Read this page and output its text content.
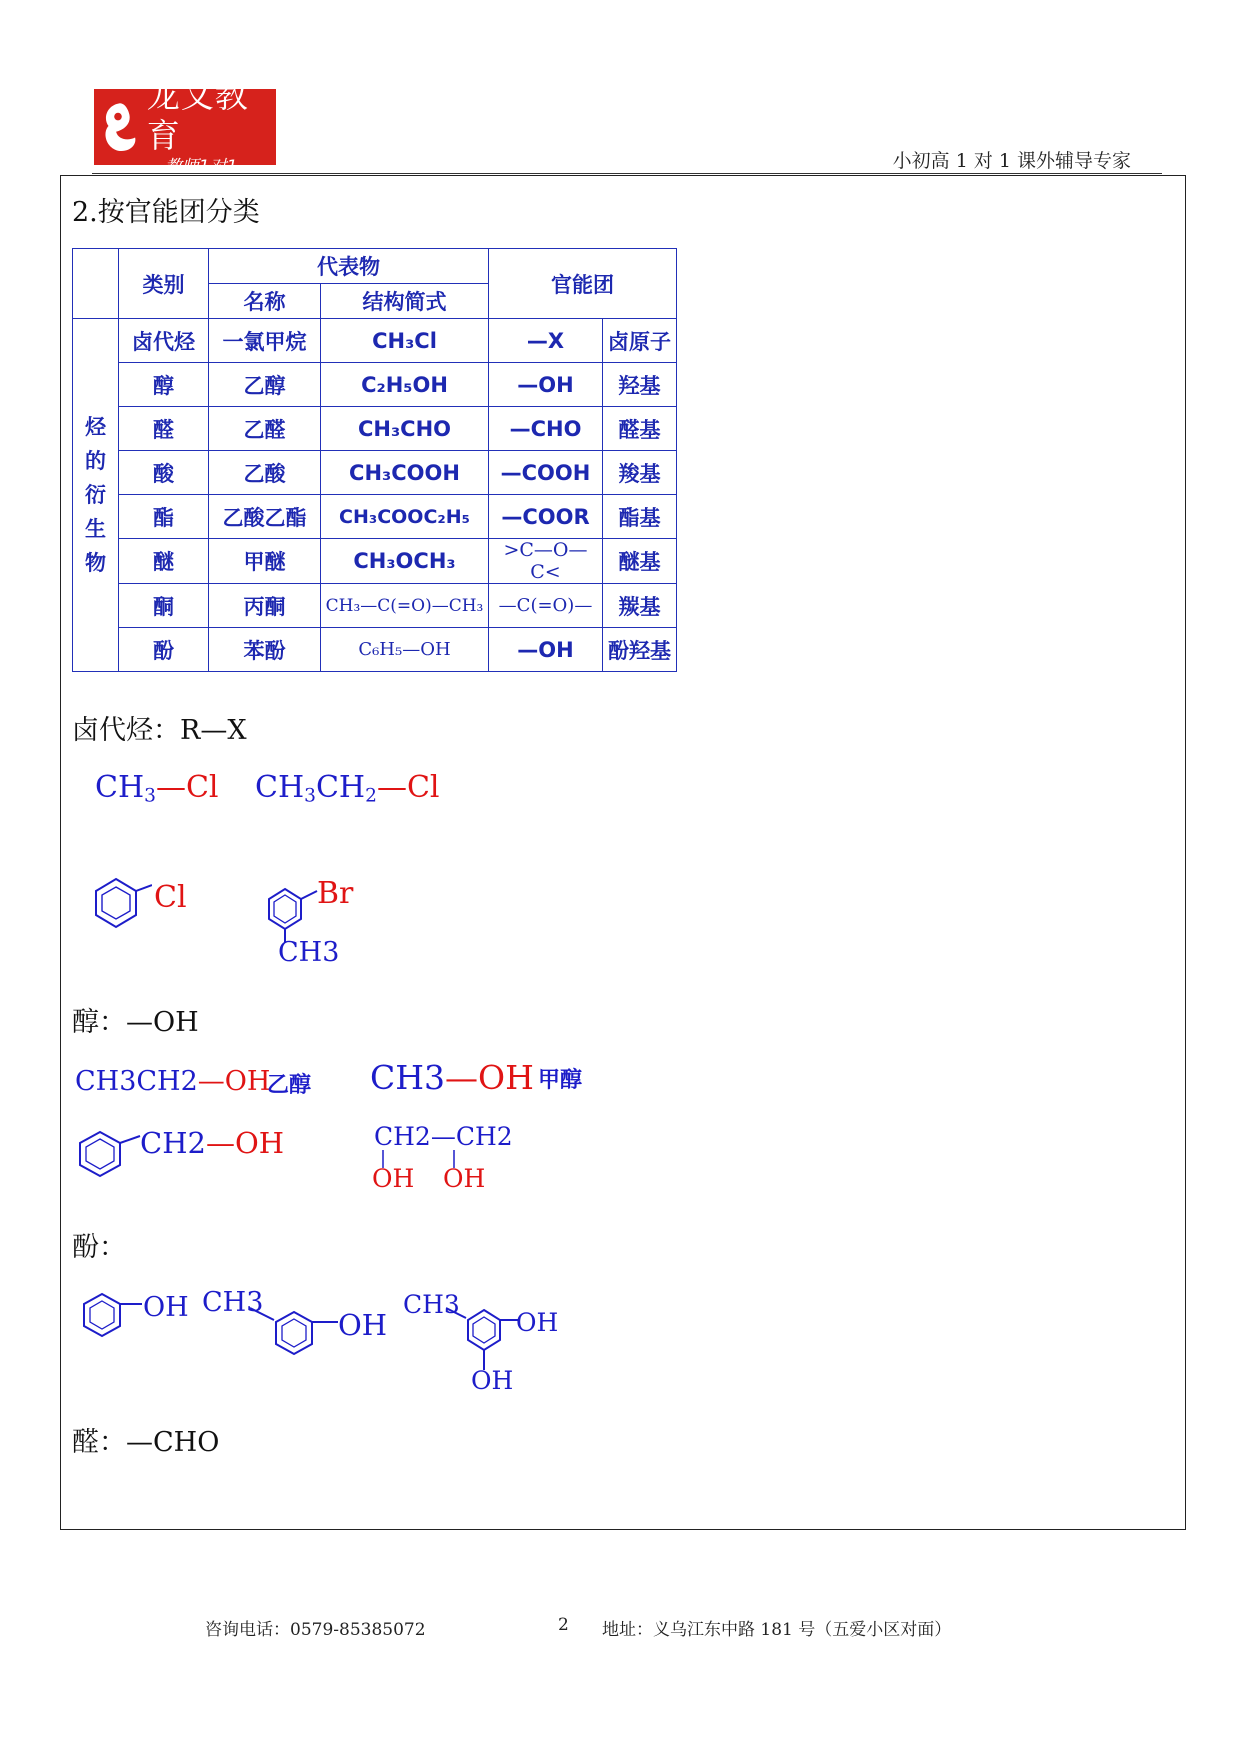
龙文教育
教师1对1	小初高 1 对 1 课外辅导专家
2.按官能团分类
	类别	代表物		官能团	
		名称	结构简式		
烃
的
衍
生
物	卤代烃	一氯甲烷	CH₃Cl	—X	卤原子
	醇	乙醇	C₂H₅OH	—OH	羟基
	醛	乙醛	CH₃CHO	—CHO	醛基
	酸	乙酸	CH₃COOH	—COOH	羧基
	酯	乙酸乙酯	CH₃COOC₂H₅	—COOR	酯基
	醚	甲醚	CH₃OCH₃	>C—O—C<	醚基
	酮	丙酮	CH₃—C(=O)—CH₃	—C(=O)—	羰基
	酚	苯酚	C₆H₅—OH	—OH	酚羟基
卤代烃：R—X
$CH_3—Cl$ $CH_3CH_2—Cl$
Cl	Br
CH3
醇：—OH
CH3CH2—OH
乙醇 CH3—OH 甲醇
CH2—OH	CH2—CH2
OH OH
酚：
OH CH3
OH
CH3
OH
OH
醛：—CHO
咨询电话：0579-85385072	2 地址：义乌江东中路 181 号（五爱小区对面）
